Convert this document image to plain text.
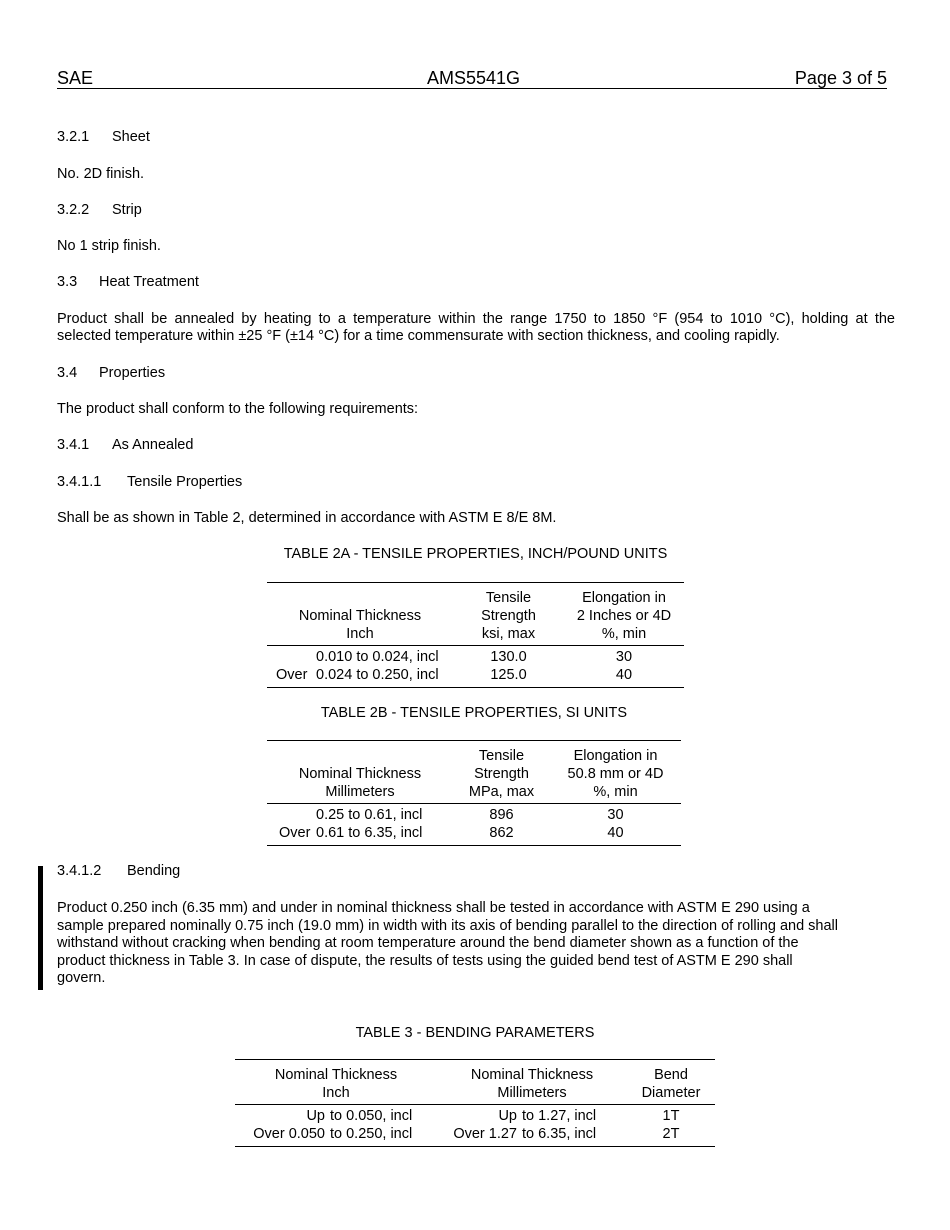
SAE	AMS5541G	Page 3 of 5
3.2.1 Sheet
No. 2D finish.
3.2.2 Strip
No 1 strip finish.
3.3 Heat Treatment
Product shall be annealed by heating to a temperature within the range 1750 to 1850 °F (954 to 1010 °C), holding at the
selected temperature within ±25 °F (±14 °C) for a time commensurate with section thickness, and cooling rapidly.
3.4 Properties
The product shall conform to the following requirements:
3.4.1 As Annealed
3.4.1.1 Tensile Properties
Shall be as shown in Table 2, determined in accordance with ASTM E 8/E 8M.
TABLE 2A - TENSILE PROPERTIES, INCH/POUND UNITS
	Tensile	Elongation in
Nominal Thickness	Strength	2 Inches or 4D
Inch	ksi, max	%, min
0.010 to 0.024, incl	130.0	30
Over 0.024 to 0.250, incl	125.0	40
TABLE 2B - TENSILE PROPERTIES, SI UNITS
	Tensile	Elongation in
Nominal Thickness	Strength	50.8 mm or 4D
Millimeters	MPa, max	%, min
0.25 to 0.61, incl	896	30
Over 0.61 to 6.35, incl	862	40
3.4.1.2 Bending
Product 0.250 inch (6.35 mm) and under in nominal thickness shall be tested in accordance with ASTM E 290 using a
sample prepared nominally 0.75 inch (19.0 mm) in width with its axis of bending parallel to the direction of rolling and shall
withstand without cracking when bending at room temperature around the bend diameter shown as a function of the
product thickness in Table 3. In case of dispute, the results of tests using the guided bend test of ASTM E 290 shall
govern.
TABLE 3 - BENDING PARAMETERS
Nominal Thickness	Nominal Thickness	Bend
Inch	Millimeters	Diameter
Up to 0.050, incl	Up to 1.27, incl	1T
Over 0.050 to 0.250, incl	Over 1.27 to 6.35, incl	2T
